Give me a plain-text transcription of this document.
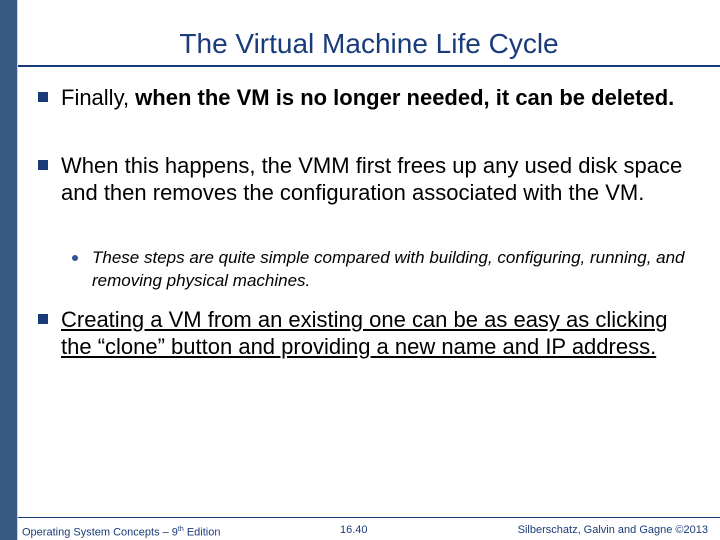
The Virtual Machine Life Cycle
Finally, when the VM is no longer needed, it can be deleted.
When this happens, the VMM first frees up any used disk space and then removes the configuration associated with the VM.
These steps are quite simple compared with building, configuring, running, and removing physical machines.
Creating a VM from an existing one can be as easy as clicking the “clone” button and providing a new name and IP address.
Operating System Concepts – 9th Edition	16.40	Silberschatz, Galvin and Gagne ©2013
